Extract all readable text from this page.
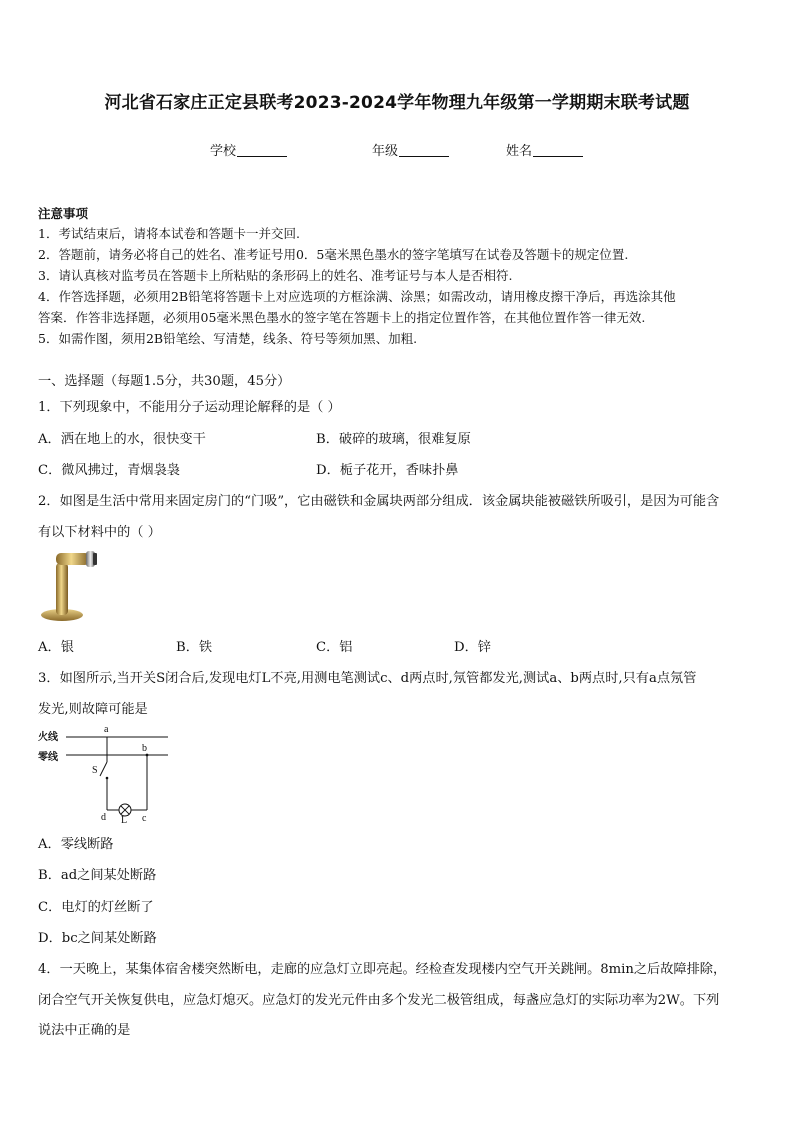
河北省石家庄正定县联考2023-2024学年物理九年级第一学期期末联考试题
学校	年级	姓名
注意事项
1．考试结束后，请将本试卷和答题卡一并交回.
2．答题前，请务必将自己的姓名、准考证号用0．5毫米黑色墨水的签字笔填写在试卷及答题卡的规定位置.
3．请认真核对监考员在答题卡上所粘贴的条形码上的姓名、准考证号与本人是否相符.
4．作答选择题，必须用2B铅笔将答题卡上对应选项的方框涂满、涂黑；如需改动，请用橡皮擦干净后，再选涂其他
答案．作答非选择题，必须用05毫米黑色墨水的签字笔在答题卡上的指定位置作答，在其他位置作答一律无效.
5．如需作图，须用2B铅笔绘、写清楚，线条、符号等须加黑、加粗.
一、选择题（每题1.5分，共30题，45分）
1．下列现象中，不能用分子运动理论解释的是（ ）
A．洒在地上的水，很快变干	B．破碎的玻璃，很难复原
C．微风拂过，青烟袅袅	D．栀子花开，香味扑鼻
2．如图是生活中常用来固定房门的“门吸”，它由磁铁和金属块两部分组成．该金属块能被磁铁所吸引，是因为可能含
有以下材料中的（ ）
A．银	B．铁	C．铝	D．锌
3．如图所示,当开关S闭合后,发现电灯L不亮,用测电笔测试c、d两点时,氖管都发光,测试a、b两点时,只有a点氖管
发光,则故障可能是
火线
零线
a
b
S
d L c
A．零线断路
B．ad之间某处断路
C．电灯的灯丝断了
D．bc之间某处断路
4．一天晚上，某集体宿舍楼突然断电，走廊的应急灯立即亮起。经检查发现楼内空气开关跳闸。8min之后故障排除，
闭合空气开关恢复供电，应急灯熄灭。应急灯的发光元件由多个发光二极管组成，每盏应急灯的实际功率为2W。下列
说法中正确的是
